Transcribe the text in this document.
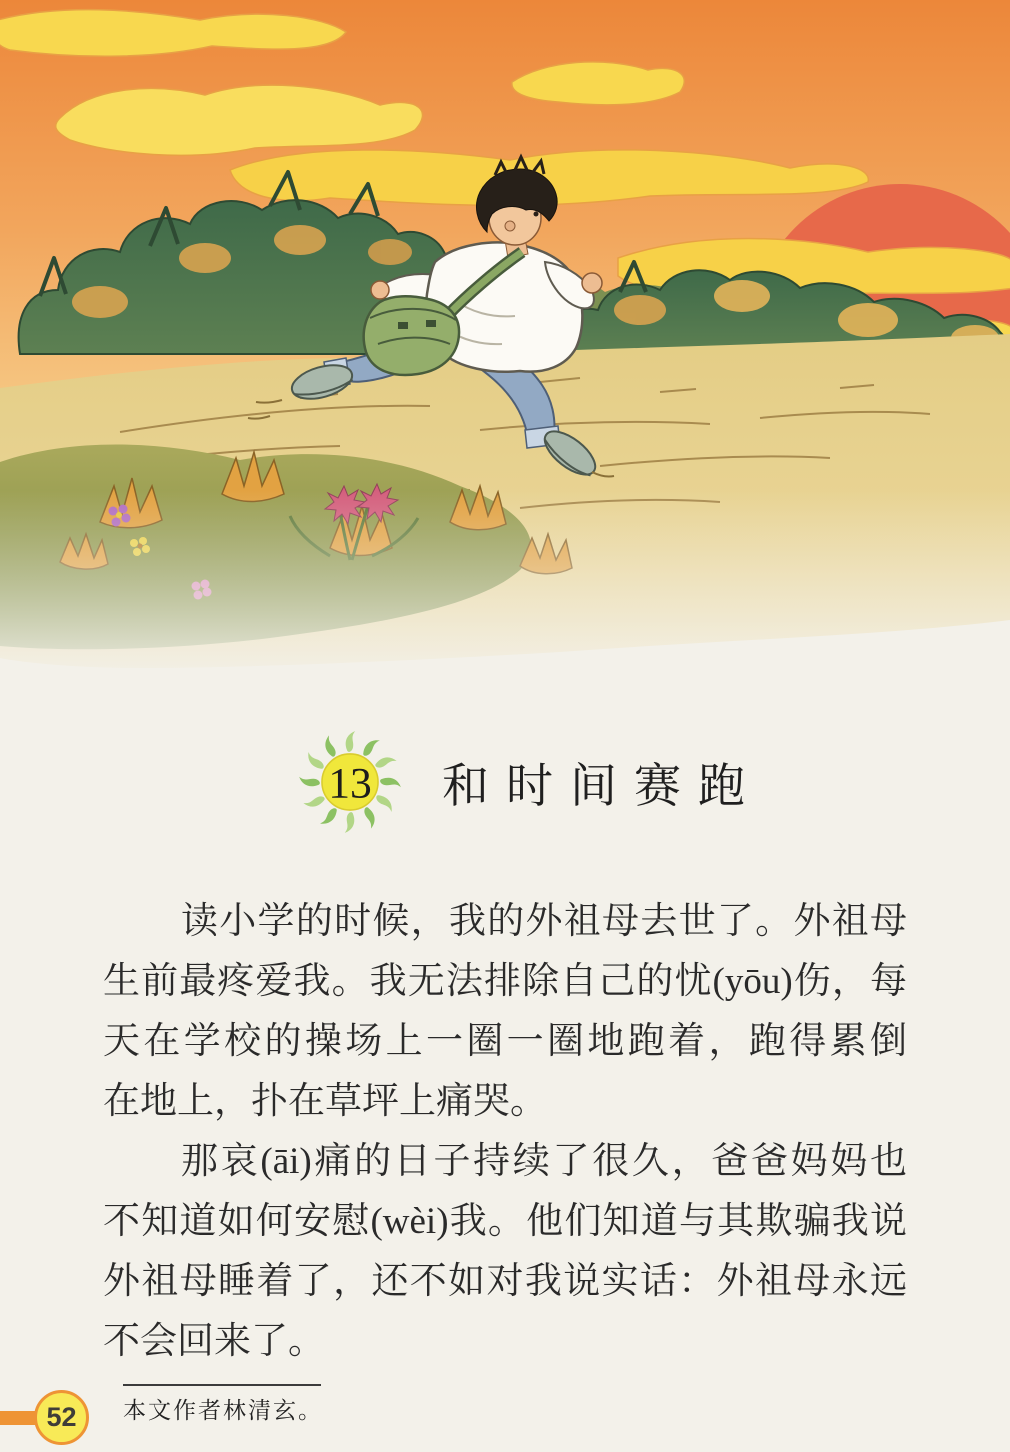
13 和时间赛跑
读小学的时候，我的外祖母去世了。外祖母
生前最疼爱我。我无法排除自己的忧(yōu)伤，每
天在学校的操场上一圈一圈地跑着，跑得累倒
在地上，扑在草坪上痛哭。
那哀(āi)痛的日子持续了很久，爸爸妈妈也
不知道如何安慰(wèi)我。他们知道与其欺骗我说
外祖母睡着了，还不如对我说实话：外祖母永远
不会回来了。
本文作者林清玄。
52
